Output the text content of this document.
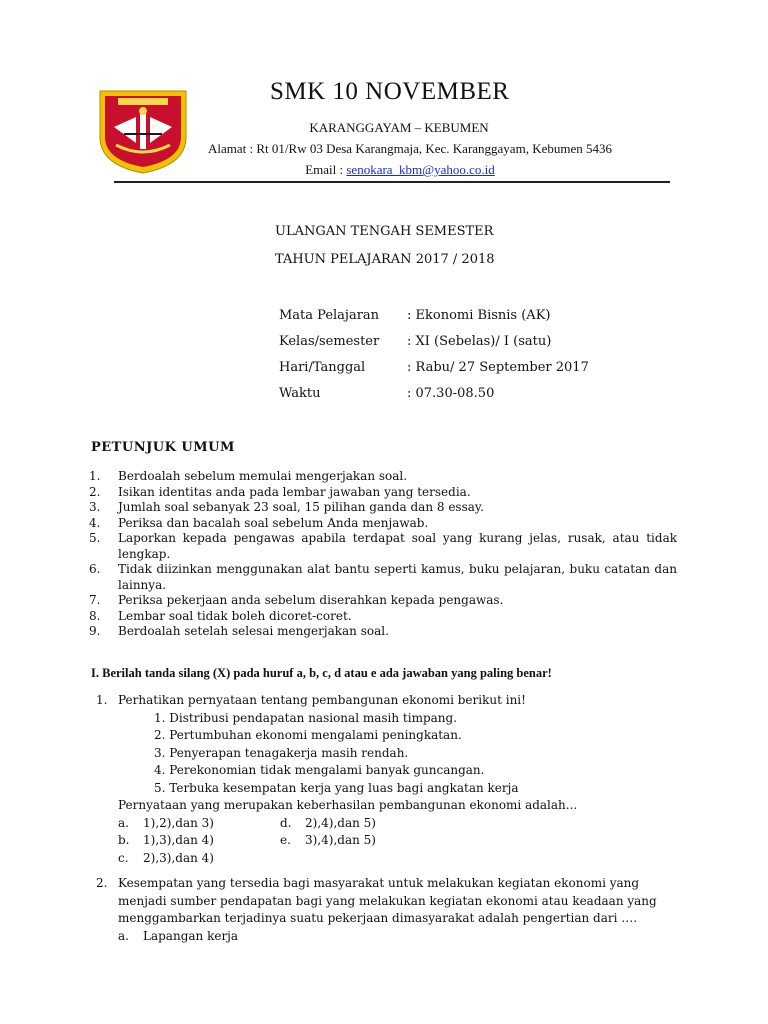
SMK 10 NOVEMBER
KARANGGAYAM – KEBUMEN
Alamat : Rt 01/Rw 03 Desa Karangmaja, Kec. Karanggayam, Kebumen 5436
Email : senokara_kbm@yahoo.co.id
ULANGAN TENGAH SEMESTER
TAHUN PELAJARAN 2017 / 2018
Mata Pelajaran : Ekonomi Bisnis (AK)
Kelas/semester : XI (Sebelas)/ I (satu)
Hari/Tanggal	: Rabu/ 27 September 2017
Waktu	: 07.30-08.50
PETUNJUK UMUM
1.	Berdoalah sebelum memulai mengerjakan soal.
2.	Isikan identitas anda pada lembar jawaban yang tersedia.
3.	Jumlah soal sebanyak 23 soal, 15 pilihan ganda dan 8 essay.
4.	Periksa dan bacalah soal sebelum Anda menjawab.
5.	Laporkan kepada pengawas apabila terdapat soal yang kurang jelas, rusak, atau tidak lengkap.
6.	Tidak diizinkan menggunakan alat bantu seperti kamus, buku pelajaran, buku catatan dan lainnya.
7.	Periksa pekerjaan anda sebelum diserahkan kepada pengawas.
8.	Lembar soal tidak boleh dicoret-coret.
9.	Berdoalah setelah selesai mengerjakan soal.
I. Berilah tanda silang (X) pada huruf a, b, c, d atau e ada jawaban yang paling benar!
1. Perhatikan pernyataan tentang pembangunan ekonomi berikut ini!
1. Distribusi pendapatan nasional masih timpang.
2. Pertumbuhan ekonomi mengalami peningkatan.
3. Penyerapan tenagakerja masih rendah.
4. Perekonomian tidak mengalami banyak guncangan.
5. Terbuka kesempatan kerja yang luas bagi angkatan kerja
Pernyataan yang merupakan keberhasilan pembangunan ekonomi adalah...
a.	1),2),dan 3)	d.	2),4),dan 5)
b.	1),3),dan 4)	e.	3),4),dan 5)
c.	2),3),dan 4)
2. Kesempatan yang tersedia bagi masyarakat untuk melakukan kegiatan ekonomi yang menjadi sumber pendapatan bagi yang melakukan kegiatan ekonomi atau keadaan yang menggambarkan terjadinya suatu pekerjaan dimasyarakat adalah pengertian dari ….
a.	Lapangan kerja
